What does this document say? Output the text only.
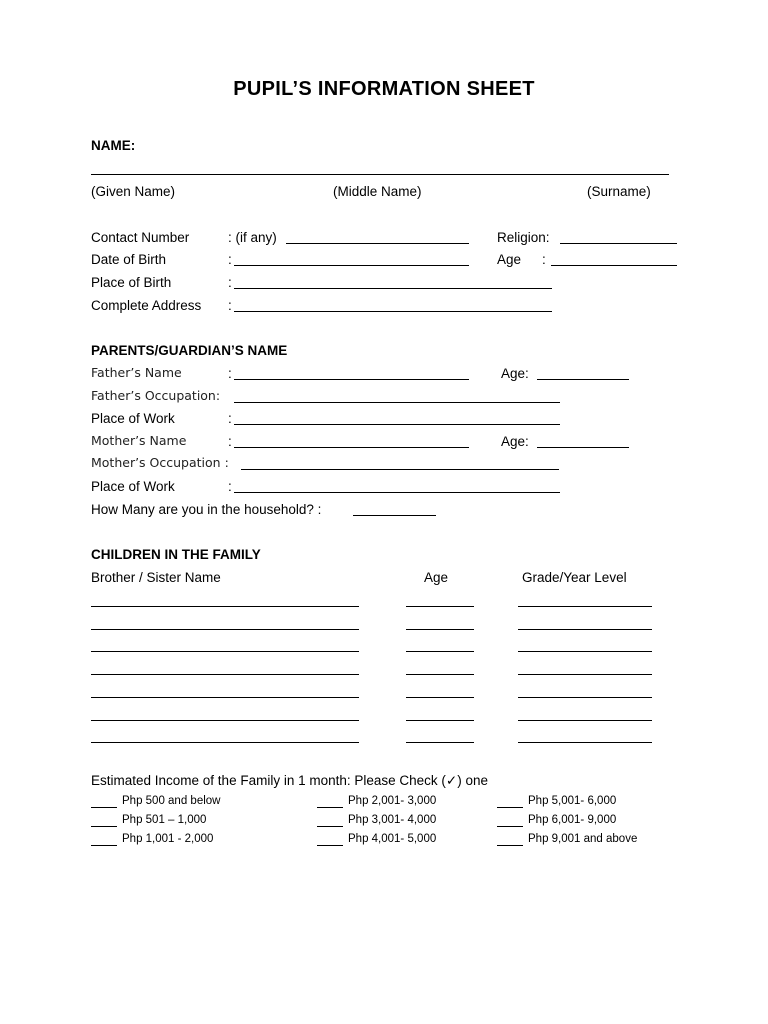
PUPIL’S INFORMATION SHEET
NAME:
(Given Name)	(Middle Name)	(Surname)
Contact Number	: (if any)	Religion:
Date of Birth	:	Age :
Place of Birth	:
Complete Address :
PARENTS/GUARDIAN’S NAME
Father’s Name	:	Age:
Father’s Occupation:
Place of Work	:
Mother’s Name	:	Age:
Mother’s Occupation :
Place of Work	:
How Many are you in the household? :
CHILDREN IN THE FAMILY
Brother / Sister Name	Age	Grade/Year Level
Estimated Income of the Family in 1 month: Please Check (✓) one
Php 500 and below	Php 2,001- 3,000	Php 5,001- 6,000
Php 501 – 1,000	Php 3,001- 4,000	Php 6,001- 9,000
Php 1,001 - 2,000	Php 4,001- 5,000	Php 9,001 and above
